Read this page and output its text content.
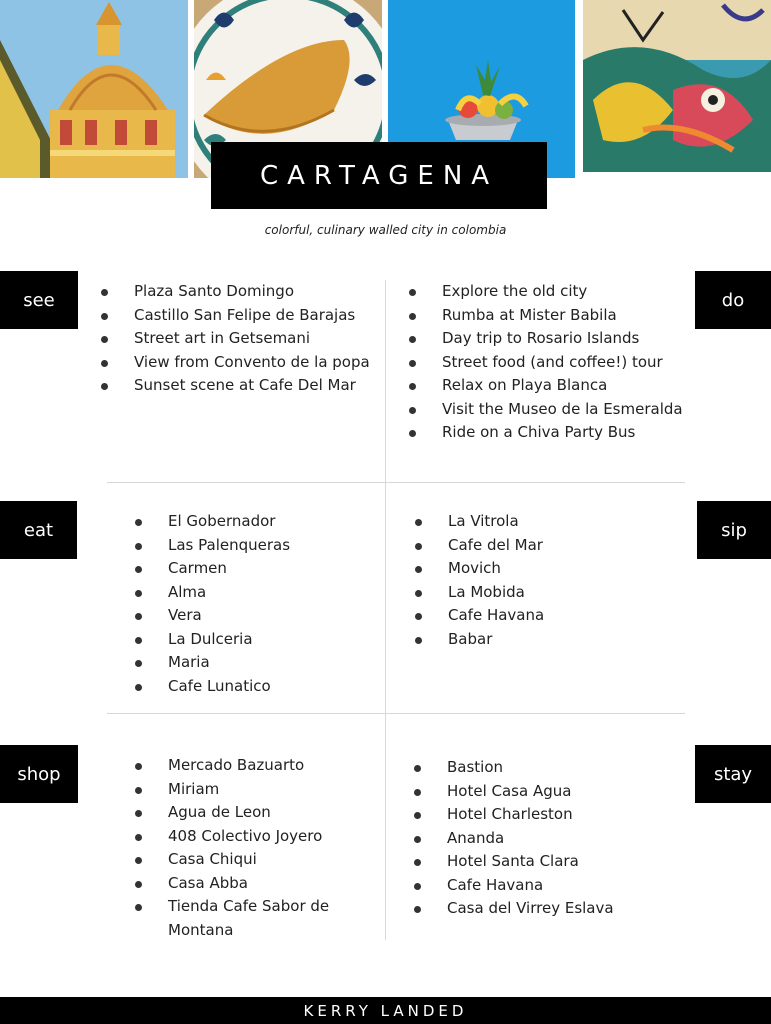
CARTAGENA
colorful, culinary walled city in colombia
see	do
eat	sip
shop	stay
Plaza Santo Domingo
Castillo San Felipe de Barajas
Street art in Getsemani
View from Convento de la popa
Sunset scene at Cafe Del Mar
Explore the old city
Rumba at Mister Babila
Day trip to Rosario Islands
Street food (and coffee!) tour
Relax on Playa Blanca
Visit the Museo de la Esmeralda
Ride on a Chiva Party Bus
El Gobernador
Las Palenqueras
Carmen
Alma
Vera
La Dulceria
Maria
Cafe Lunatico
La Vitrola
Cafe del Mar
Movich
La Mobida
Cafe Havana
Babar
Mercado Bazuarto
Miriam
Agua de Leon
408 Colectivo Joyero
Casa Chiqui
Casa Abba
Tienda Cafe Sabor de Montana
Bastion
Hotel Casa Agua
Hotel Charleston
Ananda
Hotel Santa Clara
Cafe Havana
Casa del Virrey Eslava
KERRY LANDED
